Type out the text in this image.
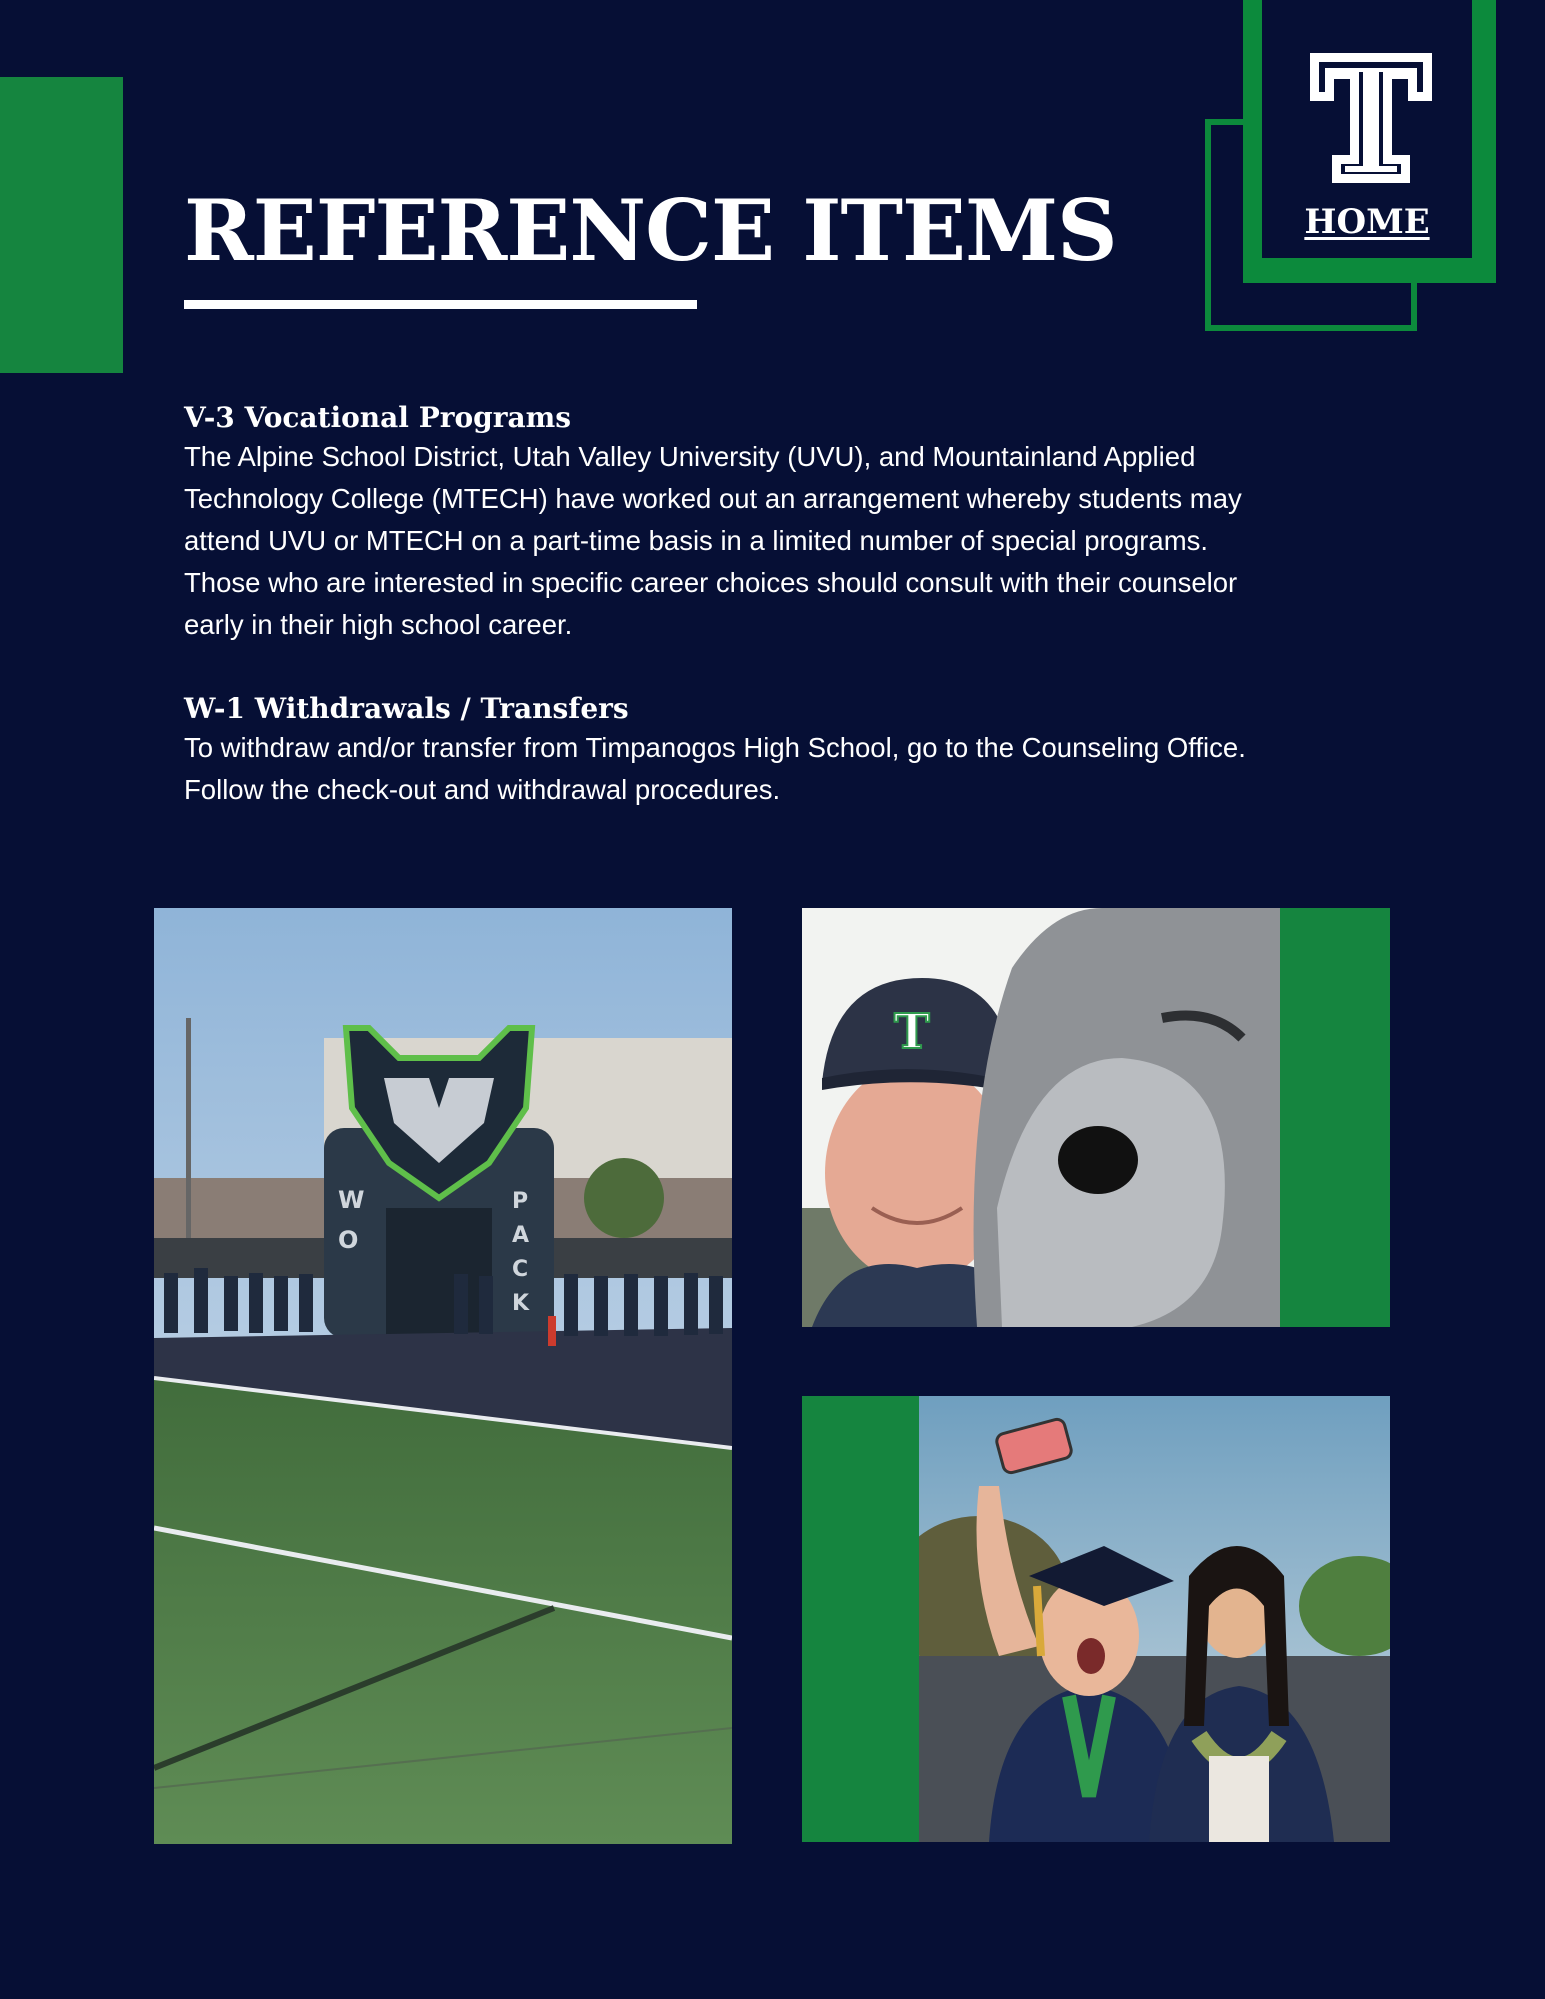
REFERENCE ITEMS	HOME
V-3 Vocational Programs

The Alpine School District, Utah Valley University (UVU), and Mountainland Applied
Technology College (MTECH) have worked out an arrangement whereby students may
attend UVU or MTECH on a part-time basis in a limited number of special programs.
Those who are interested in specific career choices should consult with their counselor
early in their high school career.

W-1 Withdrawals / Transfers

To withdraw and/or transfer from Timpanogos High School, go to the Counseling Office.
Follow the check-out and withdrawal procedures.

W
O
P
A
C
K
T
